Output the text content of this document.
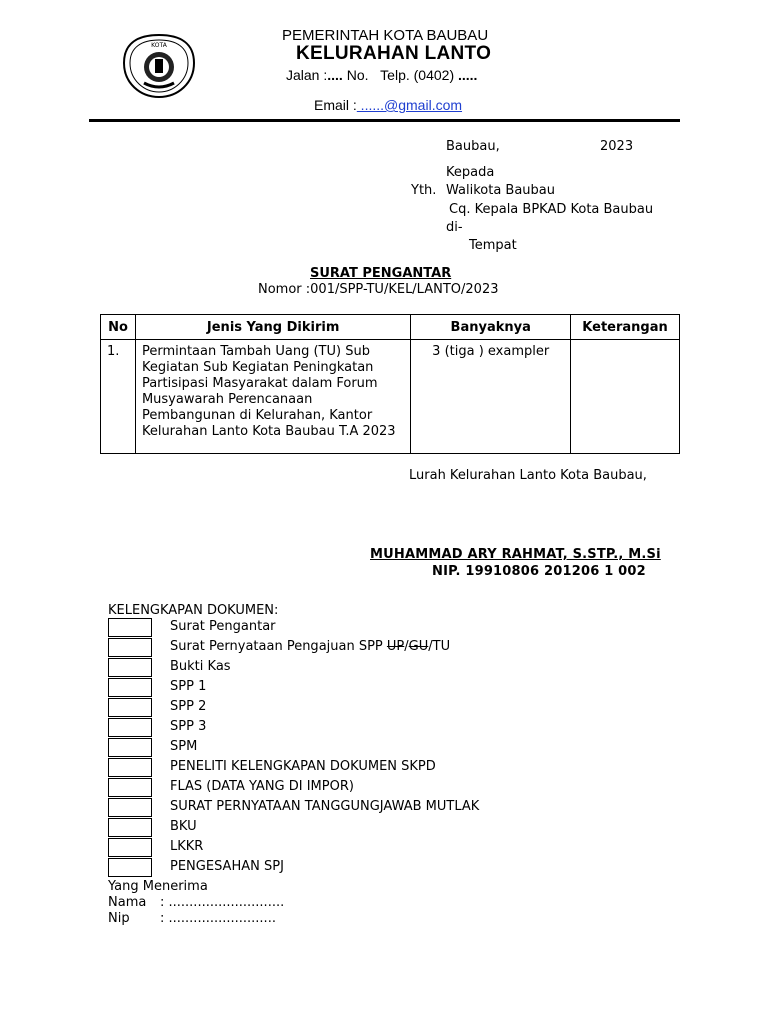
KOTA
PEMERINTAH KOTA BAUBAU
KELURAHAN LANTO
Jalan :.... No. Telp. (0402) .....
Email : ......@gmail.com
Baubau,	2023
Kepada
Yth. Walikota Baubau
Cq. Kepala BPKAD Kota Baubau
di-
Tempat
SURAT PENGANTAR
Nomor :001/SPP-TU/KEL/LANTO/2023
No	Jenis Yang Dikirim	Banyaknya	Keterangan
1.	Permintaan Tambah Uang (TU) Sub Kegiatan Sub Kegiatan Peningkatan Partisipasi Masyarakat dalam Forum Musyawarah Perencanaan Pembangunan di Kelurahan, Kantor Kelurahan Lanto Kota Baubau T.A 2023	3 (tiga ) exampler	
Lurah Kelurahan Lanto Kota Baubau,
MUHAMMAD ARY RAHMAT, S.STP., M.Si
NIP. 19910806 201206 1 002
KELENGKAPAN DOKUMEN:
Surat Pengantar
Surat Pernyataan Pengajuan SPP UP/GU/TU
Bukti Kas
SPP 1
SPP 2
SPP 3
SPM
PENELITI KELENGKAPAN DOKUMEN SKPD
FLAS (DATA YANG DI IMPOR)
SURAT PERNYATAAN TANGGUNGJAWAB MUTLAK
BKU
LKKR
PENGESAHAN SPJ
Yang Menerima
Nama : ............................
Nip : ..........................
